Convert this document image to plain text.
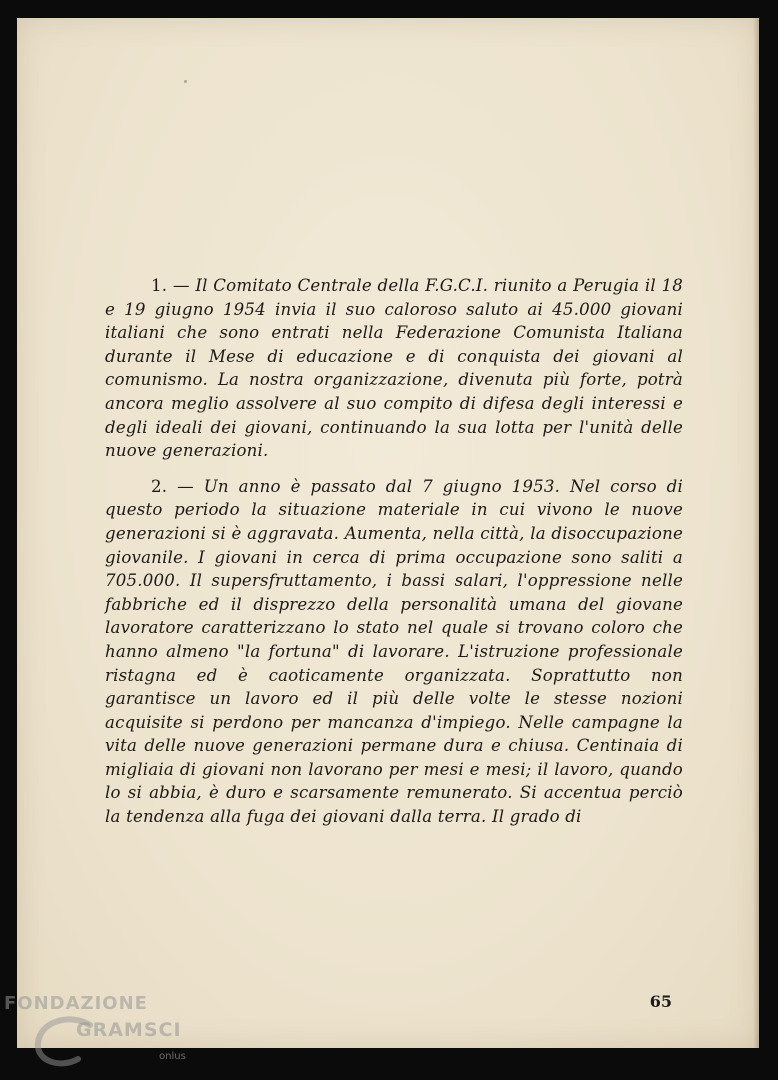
1. — Il Comitato Centrale della F.G.C.I. riunito a Perugia il 18 e 19 giugno 1954 invia il suo caloroso saluto ai 45.000 giovani italiani che sono entrati nella Federazione Comunista Italiana durante il Mese di educazione e di conquista dei giovani al comunismo. La nostra organizzazione, divenuta più forte, potrà ancora meglio assolvere al suo compito di difesa degli interessi e degli ideali dei giovani, continuando la sua lotta per l'unità delle nuove generazioni.

2. — Un anno è passato dal 7 giugno 1953. Nel corso di questo periodo la situazione materiale in cui vivono le nuove generazioni si è aggravata. Aumenta, nella città, la disoccupazione giovanile. I giovani in cerca di prima occupazione sono saliti a 705.000. Il supersfruttamento, i bassi salari, l'oppressione nelle fabbriche ed il disprezzo della personalità umana del giovane lavoratore caratterizzano lo stato nel quale si trovano coloro che hanno almeno "la fortuna" di lavorare. L'istruzione professionale ristagna ed è caoticamente organizzata. Soprattutto non garantisce un lavoro ed il più delle volte le stesse nozioni acquisite si perdono per mancanza d'impiego. Nelle campagne la vita delle nuove generazioni permane dura e chiusa. Centinaia di migliaia di giovani non lavorano per mesi e mesi; il lavoro, quando lo si abbia, è duro e scarsamente remunerato. Si accentua perciò la tendenza alla fuga dei giovani dalla terra. Il grado di

65
FONDAZIONE
GRAMSCI
onlus
